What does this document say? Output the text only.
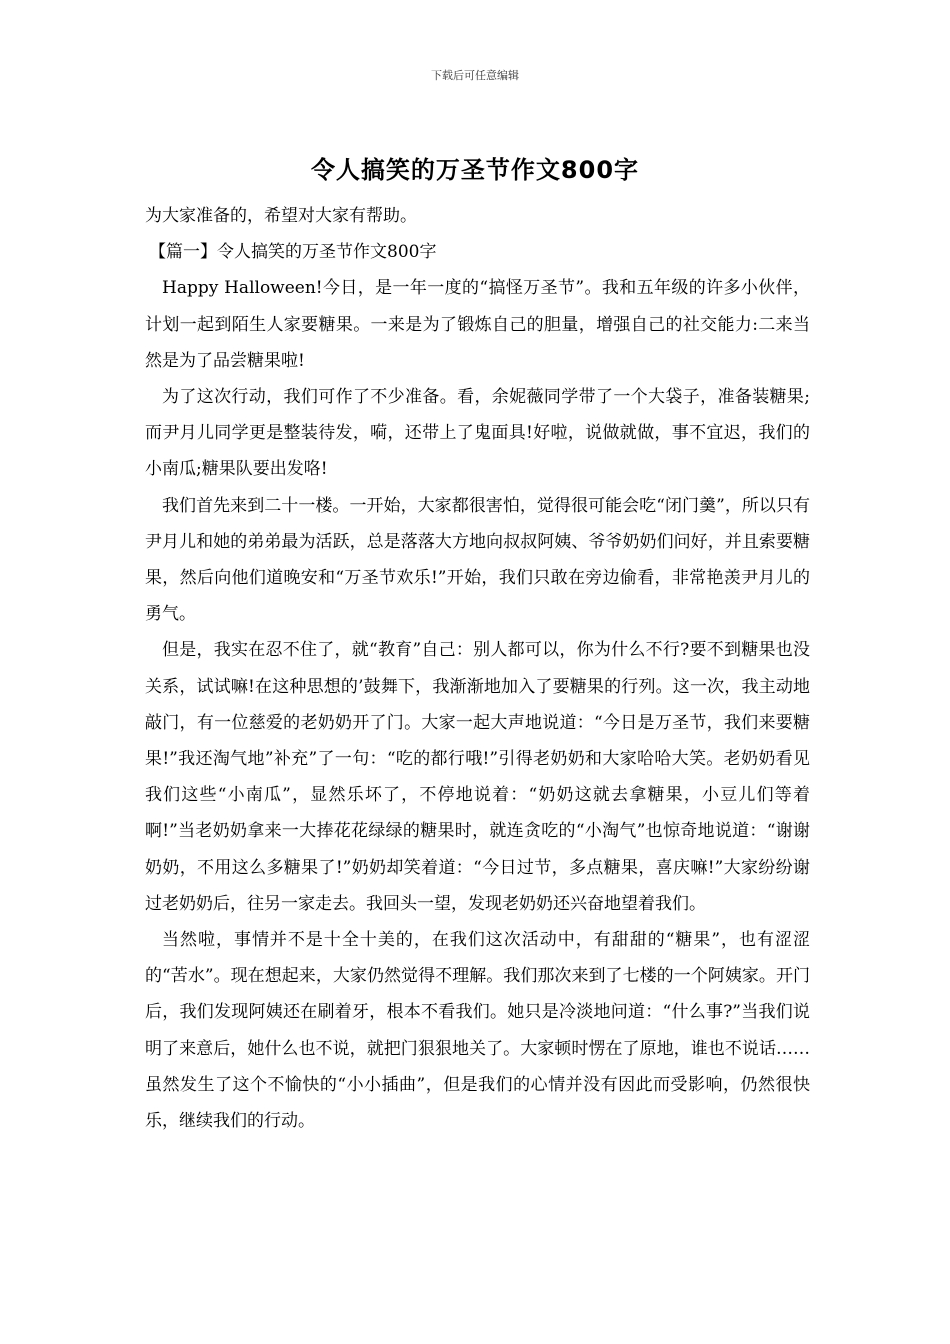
下载后可任意编辑
令人搞笑的万圣节作文800字

为大家准备的，希望对大家有帮助。

【篇一】令人搞笑的万圣节作文800字

Happy Halloween!今日，是一年一度的“搞怪万圣节”。我和五年级的许多小伙伴，计划一起到陌生人家要糖果。一来是为了锻炼自己的胆量，增强自己的社交能力:二来当然是为了品尝糖果啦!

为了这次行动，我们可作了不少准备。看，余妮薇同学带了一个大袋子，准备装糖果;而尹月儿同学更是整装待发，嗬，还带上了鬼面具!好啦，说做就做，事不宜迟，我们的小南瓜;糖果队要出发咯!

我们首先来到二十一楼。一开始，大家都很害怕，觉得很可能会吃“闭门羹”，所以只有尹月儿和她的弟弟最为活跃，总是落落大方地向叔叔阿姨、爷爷奶奶们问好，并且索要糖果，然后向他们道晚安和“万圣节欢乐!”开始，我们只敢在旁边偷看，非常艳羡尹月儿的勇气。

但是，我实在忍不住了，就“教育”自己：别人都可以，你为什么不行?要不到糖果也没关系，试试嘛!在这种思想的’鼓舞下，我渐渐地加入了要糖果的行列。这一次，我主动地敲门，有一位慈爱的老奶奶开了门。大家一起大声地说道：“今日是万圣节，我们来要糖果!”我还淘气地”补充”了一句：“吃的都行哦!”引得老奶奶和大家哈哈大笑。老奶奶看见我们这些“小南瓜”，显然乐坏了，不停地说着：“奶奶这就去拿糖果，小豆儿们等着啊!”当老奶奶拿来一大捧花花绿绿的糖果时，就连贪吃的“小淘气”也惊奇地说道：“谢谢奶奶，不用这么多糖果了!”奶奶却笑着道：“今日过节，多点糖果，喜庆嘛!”大家纷纷谢过老奶奶后，往另一家走去。我回头一望，发现老奶奶还兴奋地望着我们。

当然啦，事情并不是十全十美的，在我们这次活动中，有甜甜的“糖果”，也有涩涩的“苦水”。现在想起来，大家仍然觉得不理解。我们那次来到了七楼的一个阿姨家。开门后，我们发现阿姨还在刷着牙，根本不看我们。她只是冷淡地问道：“什么事?”当我们说明了来意后，她什么也不说，就把门狠狠地关了。大家顿时愣在了原地，谁也不说话……虽然发生了这个不愉快的“小小插曲”，但是我们的心情并没有因此而受影响，仍然很快乐，继续我们的行动。
